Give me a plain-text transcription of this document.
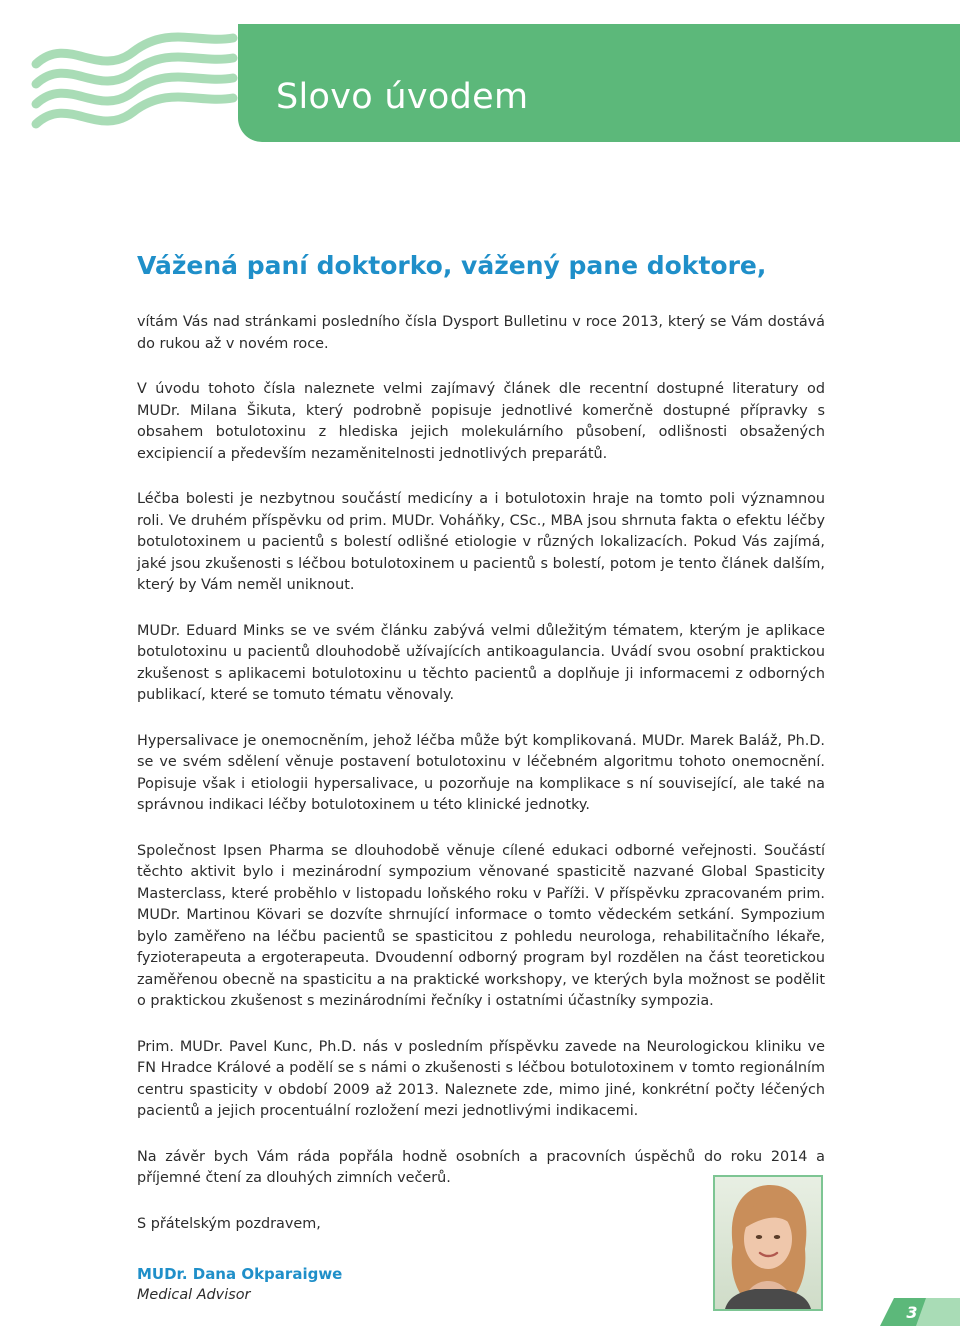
Slovo úvodem
Vážená paní doktorko, vážený pane doktore,

vítám Vás nad stránkami posledního čísla Dysport Bulletinu v roce 2013, který se Vám dostává do rukou až v novém roce.

V úvodu tohoto čísla naleznete velmi zajímavý článek dle recentní dostupné literatury od MUDr. Milana Šikuta, který podrobně popisuje jednotlivé komerčně dostupné přípravky s obsahem botulotoxinu z hlediska jejich molekulárního působení, odlišnosti obsažených excipiencií a především nezaměnitelnosti jednotlivých preparátů.

Léčba bolesti je nezbytnou součástí medicíny a i botulotoxin hraje na tomto poli významnou roli. Ve druhém příspěvku od prim. MUDr. Voháňky, CSc., MBA jsou shrnuta fakta o efektu léčby botulotoxinem u pacientů s bolestí odlišné etiologie v různých lokalizacích. Pokud Vás zajímá, jaké jsou zkušenosti s léčbou botulotoxinem u pacientů s bolestí, potom je tento článek dalším, který by Vám neměl uniknout.

MUDr. Eduard Minks se ve svém článku zabývá velmi důležitým tématem, kterým je aplikace botulotoxinu u pacientů dlouhodobě užívajících antikoagulancia. Uvádí svou osobní praktickou zkušenost s aplikacemi botulotoxinu u těchto pacientů a doplňuje ji informacemi z odborných publikací, které se tomuto tématu věnovaly.

Hypersalivace je onemocněním, jehož léčba může být komplikovaná. MUDr. Marek Baláž, Ph.D. se ve svém sdělení věnuje postavení botulotoxinu v léčebném algoritmu tohoto onemocnění. Popisuje však i etiologii hypersalivace, u pozorňuje na komplikace s ní související, ale také na správnou indikaci léčby botulotoxinem u této klinické jednotky.

Společnost Ipsen Pharma se dlouhodobě věnuje cílené edukaci odborné veřejnosti. Součástí těchto aktivit bylo i mezinárodní sympozium věnované spasticitě nazvané Global Spasticity Masterclass, které proběhlo v listopadu loňského roku v Paříži. V příspěvku zpracovaném prim. MUDr. Martinou Kövari se dozvíte shrnující informace o tomto vědeckém setkání. Sympozium bylo zaměřeno na léčbu pacientů se spasticitou z pohledu neurologa, rehabilitačního lékaře, fyzioterapeuta a ergoterapeuta. Dvoudenní odborný program byl rozdělen na část teoretickou zaměřenou obecně na spasticitu a na praktické workshopy, ve kterých byla možnost se podělit o praktickou zkušenost s mezinárodními řečníky i ostatními účastníky sympozia.

Prim. MUDr. Pavel Kunc, Ph.D. nás v posledním příspěvku zavede na Neurologickou kliniku ve FN Hradce Králové a podělí se s námi o zkušenosti s léčbou botulotoxinem v tomto regionálním centru spasticity v období 2009 až 2013. Naleznete zde, mimo jiné, konkrétní počty léčených pacientů a jejich procentuální rozložení mezi jednotlivými indikacemi.

Na závěr bych Vám ráda popřála hodně osobních a pracovních úspěchů do roku 2014 a příjemné čtení za dlouhých zimních večerů.

S přátelským pozdravem,

MUDr. Dana Okparaigwe

Medical Advisor

3
